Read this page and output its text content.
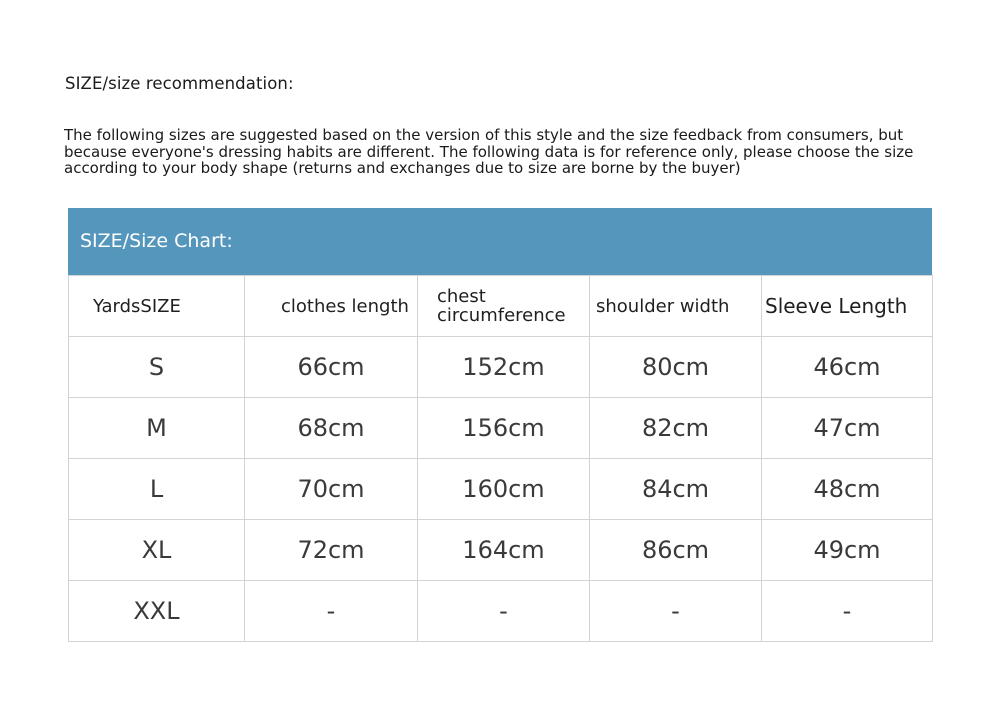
SIZE/size recommendation:

The following sizes are suggested based on the version of this style and the size feedback from consumers, but

because everyone's dressing habits are different. The following data is for reference only, please choose the size

according to your body shape (returns and exchanges due to size are borne by the buyer)

SIZE/Size Chart:
YardsSIZE	clothes length	chest circumference	shoulder width	Sleeve Length
S	66cm	152cm	80cm	46cm
M	68cm	156cm	82cm	47cm
L	70cm	160cm	84cm	48cm
XL	72cm	164cm	86cm	49cm
XXL	-	-	-	-
